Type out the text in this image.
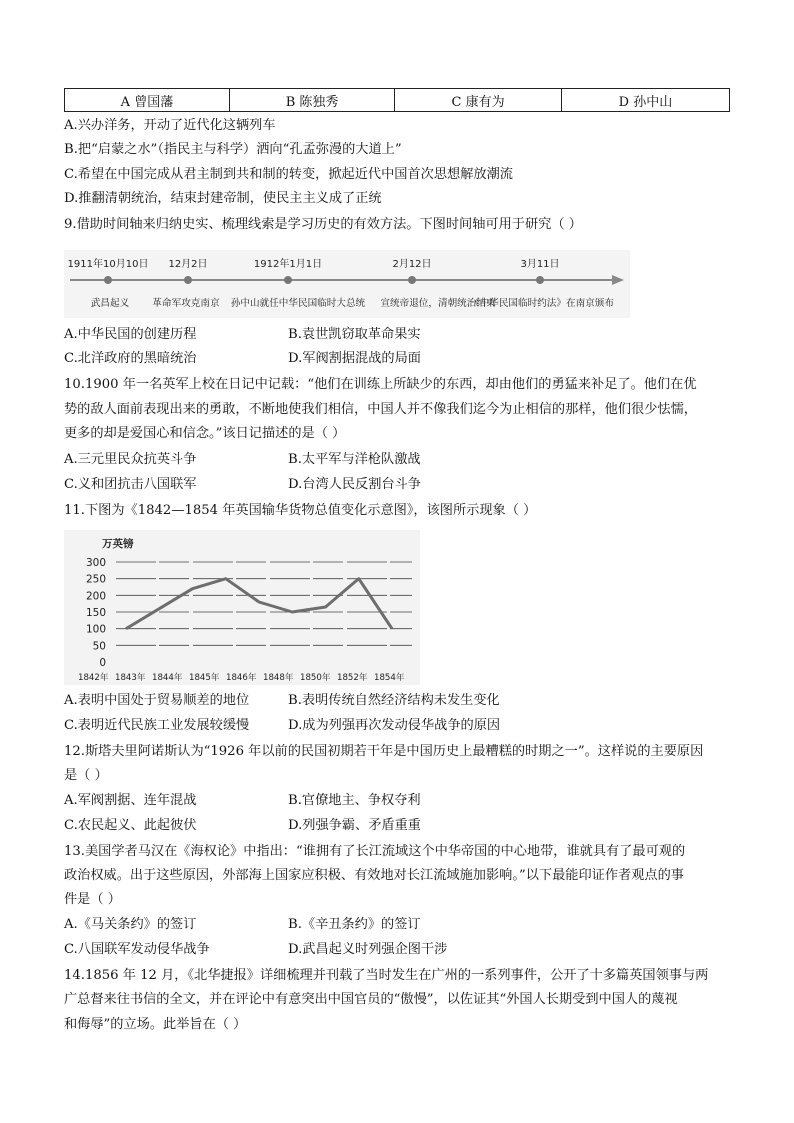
A 曾国藩	B 陈独秀	C 康有为	D 孙中山
A.兴办洋务，开动了近代化这辆列车
B.把“启蒙之水”（指民主与科学）洒向“孔孟弥漫的大道上”
C.希望在中国完成从君主制到共和制的转变，掀起近代中国首次思想解放潮流
D.推翻清朝统治，结束封建帝制，使民主主义成了正统
9.借助时间轴来归纳史实、梳理线索是学习历史的有效方法。下图时间轴可用于研究（ ）
1911年10月10日 12月2日	1912年1月1日	2月12日	3月11日
武昌起义 革命军攻克南京 孙中山就任中华民国临时大总统 宣统帝退位，清朝统治结束
《中华民国临时约法》在南京颁布
A.中华民国的创建历程	B.袁世凯窃取革命果实
C.北洋政府的黑暗统治	D.军阀割据混战的局面
10.1900 年一名英军上校在日记中记载：“他们在训练上所缺少的东西，却由他们的勇猛来补足了。他们在优
势的敌人面前表现出来的勇敢，不断地使我们相信，中国人并不像我们迄今为止相信的那样，他们很少怯懦，
更多的却是爱国心和信念。”该日记描述的是（ ）
A.三元里民众抗英斗争	B.太平军与洋枪队激战
C.义和团抗击八国联军	D.台湾人民反割台斗争
11.下图为《1842—1854 年英国输华货物总值变化示意图》，该图所示现象（ ）
万英镑
0
50
100
150
200
250
300
1842年 1843年 1844年 1845年 1846年 1848年 1850年 1852年 1854年
A.表明中国处于贸易顺差的地位	B.表明传统自然经济结构未发生变化
C.表明近代民族工业发展较缓慢	D.成为列强再次发动侵华战争的原因
12.斯塔夫里阿诺斯认为“1926 年以前的民国初期若干年是中国历史上最糟糕的时期之一”。这样说的主要原因
是（ ）
A.军阀割据、连年混战	B.官僚地主、争权夺利
C.农民起义、此起彼伏	D.列强争霸、矛盾重重
13.美国学者马汉在《海权论》中指出：“谁拥有了长江流域这个中华帝国的中心地带，谁就具有了最可观的
政治权威。出于这些原因，外部海上国家应积极、有效地对长江流域施加影响。”以下最能印证作者观点的事
件是（ ）
A.《马关条约》的签订	B.《辛丑条约》的签订
C.八国联军发动侵华战争	D.武昌起义时列强企图干涉
14.1856 年 12 月，《北华捷报》详细梳理并刊载了当时发生在广州的一系列事件，公开了十多篇英国领事与两
广总督来往书信的全文，并在评论中有意突出中国官员的“傲慢”，以佐证其“外国人长期受到中国人的蔑视
和侮辱”的立场。此举旨在（ ）
